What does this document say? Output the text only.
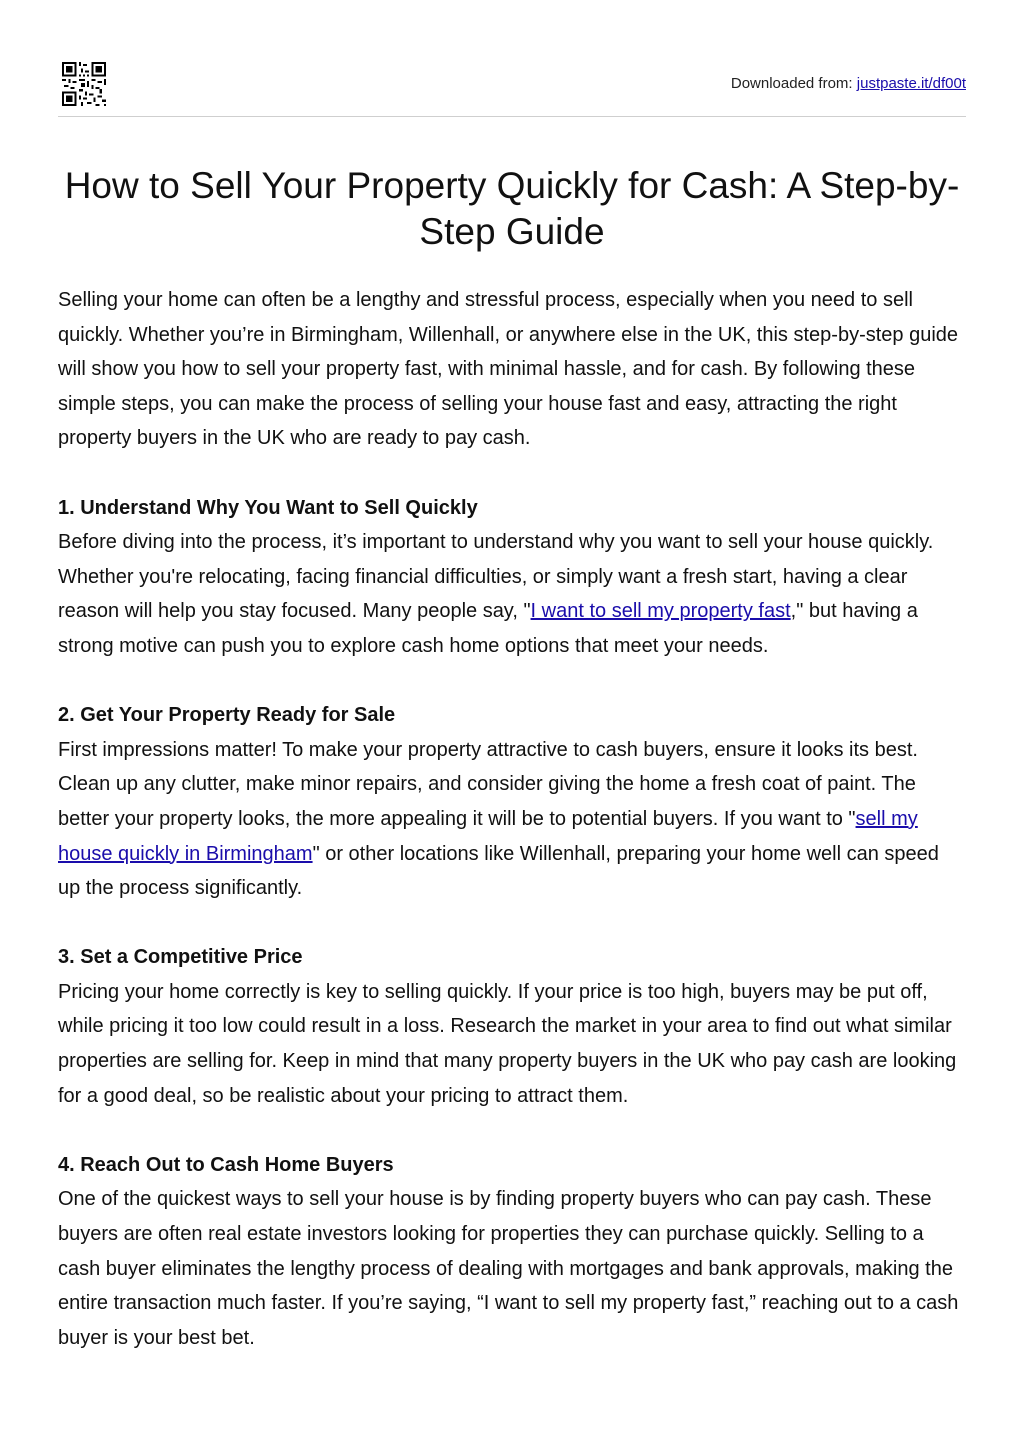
Downloaded from: justpaste.it/df00t
How to Sell Your Property Quickly for Cash: A Step-by-Step Guide

Selling your home can often be a lengthy and stressful process, especially when you need to sell quickly. Whether you’re in Birmingham, Willenhall, or anywhere else in the UK, this step-by-step guide will show you how to sell your property fast, with minimal hassle, and for cash. By following these simple steps, you can make the process of selling your house fast and easy, attracting the right property buyers in the UK who are ready to pay cash.

1. Understand Why You Want to Sell Quickly

Before diving into the process, it’s important to understand why you want to sell your house quickly. Whether you're relocating, facing financial difficulties, or simply want a fresh start, having a clear reason will help you stay focused. Many people say, "I want to sell my property fast," but having a strong motive can push you to explore cash home options that meet your needs.

2. Get Your Property Ready for Sale

First impressions matter! To make your property attractive to cash buyers, ensure it looks its best. Clean up any clutter, make minor repairs, and consider giving the home a fresh coat of paint. The better your property looks, the more appealing it will be to potential buyers. If you want to "sell my house quickly in Birmingham" or other locations like Willenhall, preparing your home well can speed up the process significantly.

3. Set a Competitive Price

Pricing your home correctly is key to selling quickly. If your price is too high, buyers may be put off, while pricing it too low could result in a loss. Research the market in your area to find out what similar properties are selling for. Keep in mind that many property buyers in the UK who pay cash are looking for a good deal, so be realistic about your pricing to attract them.

4. Reach Out to Cash Home Buyers

One of the quickest ways to sell your house is by finding property buyers who can pay cash. These buyers are often real estate investors looking for properties they can purchase quickly. Selling to a cash buyer eliminates the lengthy process of dealing with mortgages and bank approvals, making the entire transaction much faster. If you’re saying, “I want to sell my property fast,” reaching out to a cash buyer is your best bet.
